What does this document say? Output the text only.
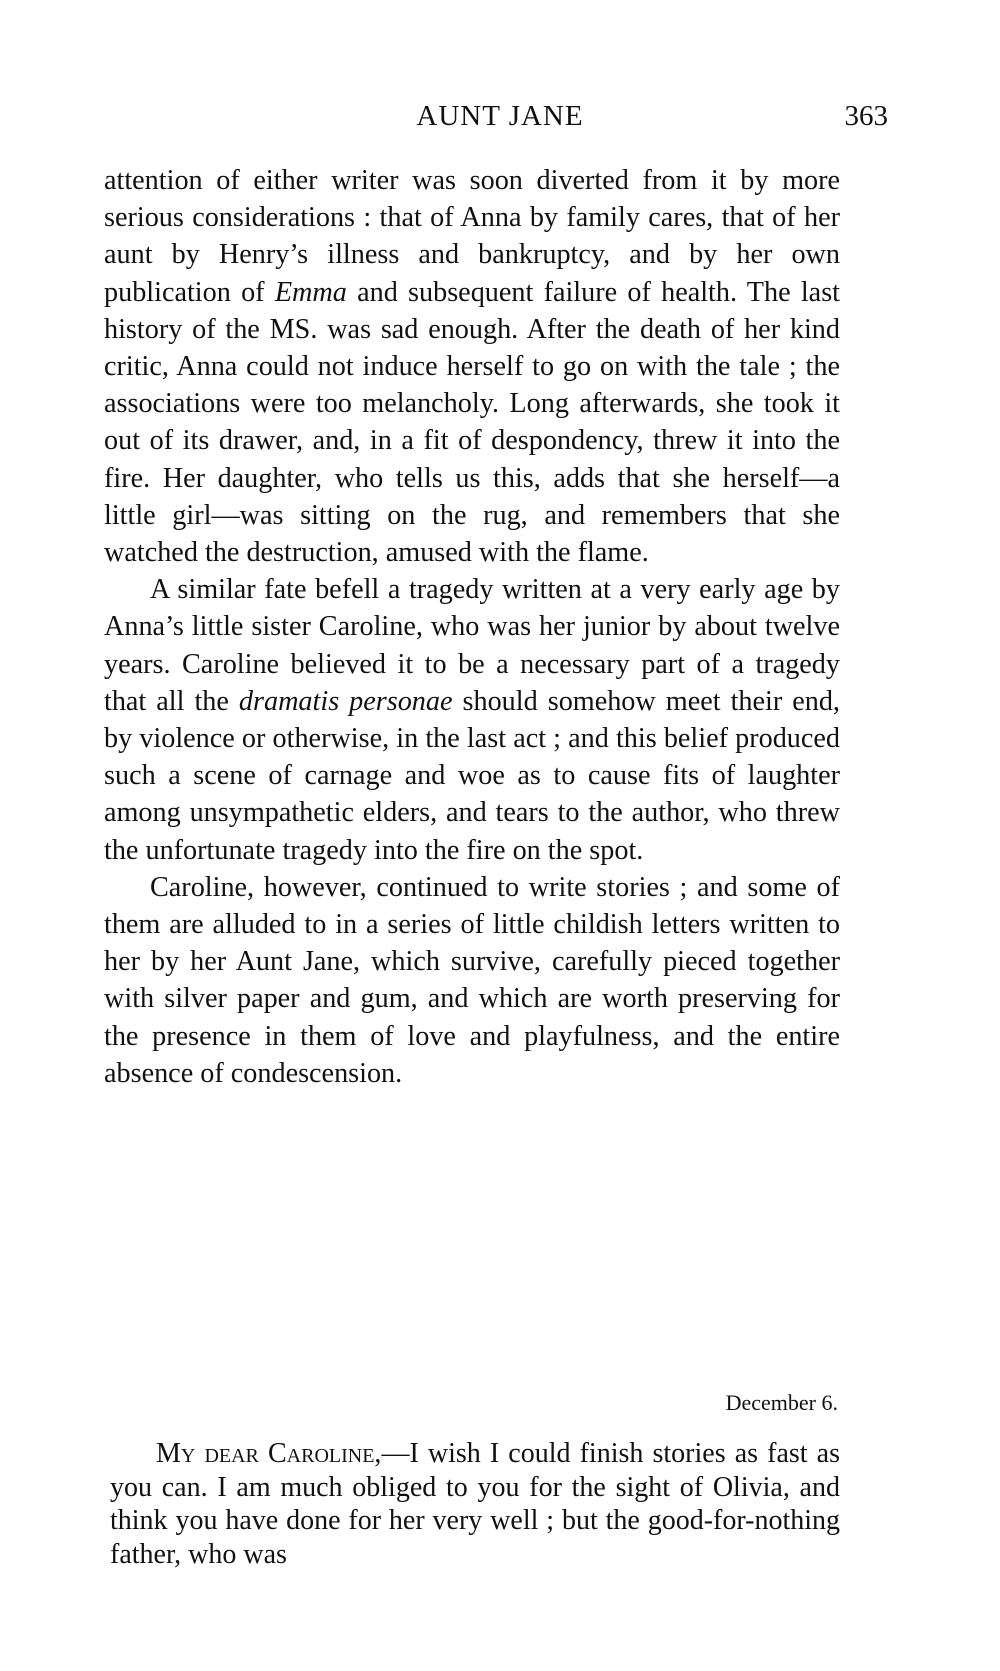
AUNT JANE	363

attention of either writer was soon diverted from it by more serious considerations : that of Anna by family cares, that of her aunt by Henry’s illness and bankruptcy, and by her own publication of Emma and subsequent failure of health. The last history of the MS. was sad enough. After the death of her kind critic, Anna could not induce herself to go on with the tale ; the associations were too melancholy. Long afterwards, she took it out of its drawer, and, in a fit of despondency, threw it into the fire. Her daughter, who tells us this, adds that she herself—a little girl—was sitting on the rug, and remembers that she watched the destruction, amused with the flame.

A similar fate befell a tragedy written at a very early age by Anna’s little sister Caroline, who was her junior by about twelve years. Caroline believed it to be a necessary part of a tragedy that all the dramatis personae should somehow meet their end, by violence or otherwise, in the last act ; and this belief produced such a scene of carnage and woe as to cause fits of laughter among unsympathetic elders, and tears to the author, who threw the unfortunate tragedy into the fire on the spot.

Caroline, however, continued to write stories ; and some of them are alluded to in a series of little childish letters written to her by her Aunt Jane, which survive, carefully pieced together with silver paper and gum, and which are worth preserving for the presence in them of love and playfulness, and the entire absence of condescension.

December 6.

My dear Caroline,—I wish I could finish stories as fast as you can. I am much obliged to you for the sight of Olivia, and think you have done for her very well ; but the good-for-nothing father, who was
